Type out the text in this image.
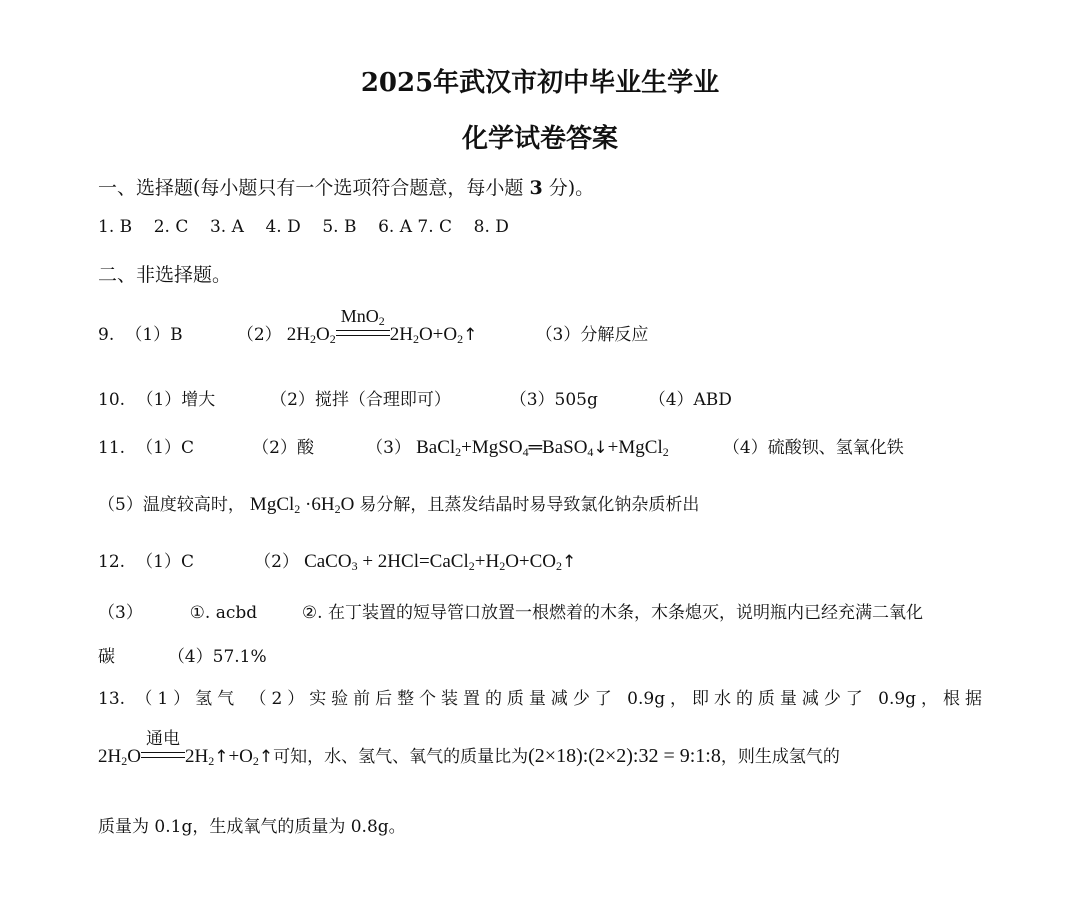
2025年武汉市初中毕业生学业
化学试卷答案
一、选择题(每小题只有一个选项符合题意，每小题 3 分)。
1. B    2. C    3. A    4. D    5. B    6. A 7. C    8. D
二、非选择题。
9. （1）B	（2） $2H_2O_2$
MnO$_2$
$2H_2O+O_2↑$	（3）分解反应
10. （1）增大	（2）搅拌（合理即可）	（3）505g	（4）ABD
11. （1）C	（2）酸	（3） BaCl$_2$+MgSO$_4$═BaSO$_4$↓+MgCl$_2$	（4）硫酸钡、氢氧化铁
（5）温度较高时， MgCl$_2$ $\cdot 6H_2O$ 易分解，且蒸发结晶时易导致氯化钠杂质析出
12. （1）C	（2） CaCO$_3$ + $2HCl=CaCl_2+H_2O+CO_2↑$
（3）	①. acbd	②. 在丁装置的短导管口放置一根燃着的木条，木条熄灭，说明瓶内已经充满二氧化
碳	（4）57.1%
13. （1）氢气 （2）实验前后整个装置的质量减少了 0.9g，即水的质量减少了 0.9g，根据
$2H_2O$
通电
$2H_2↑+O_2↑$可知，水、氢气、氧气的质量比为(2×18):(2×2):32 = 9:1:8，则生成氢气的
质量为 0.1g，生成氧气的质量为 0.8g。
